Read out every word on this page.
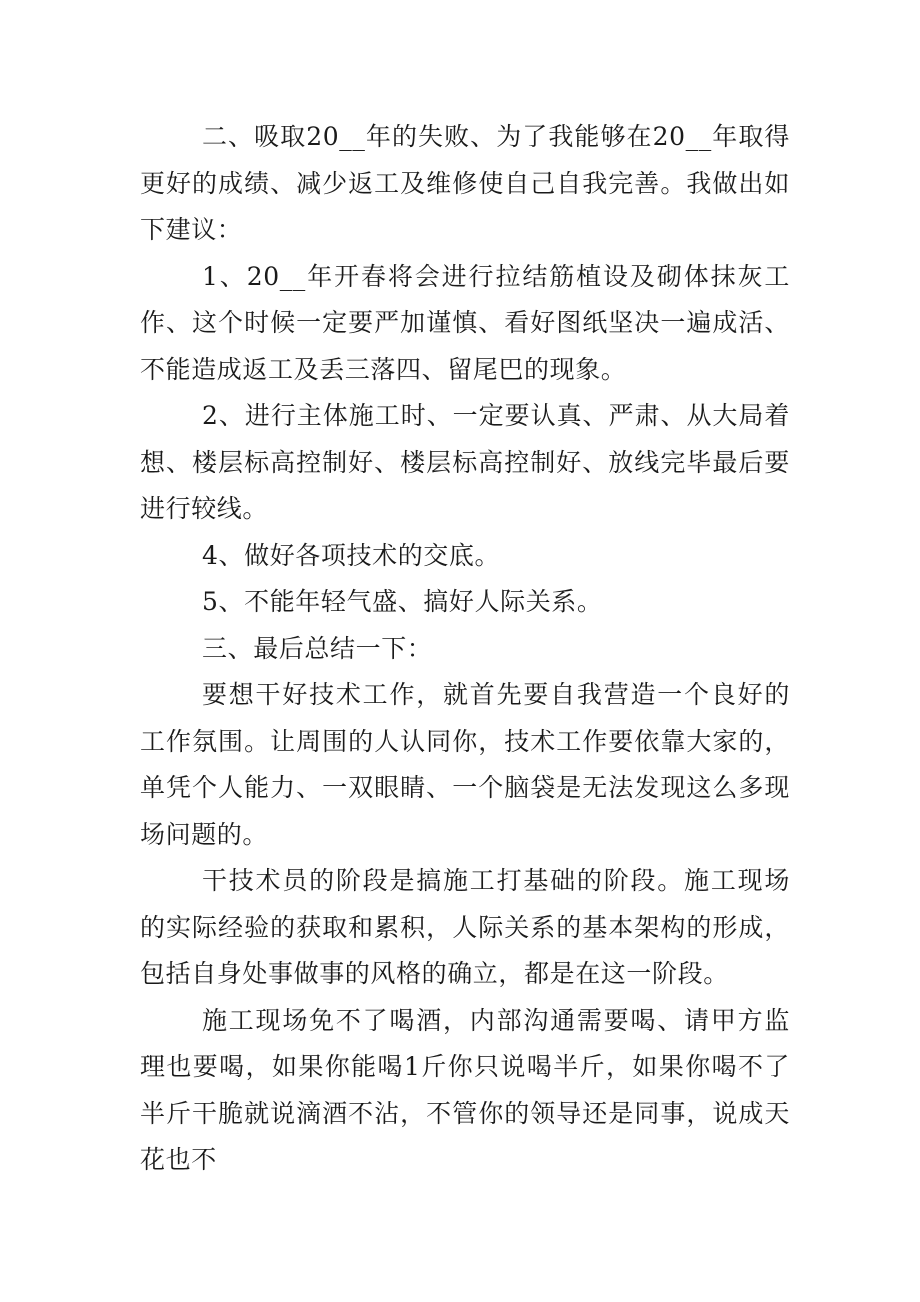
二、吸取20__年的失败、为了我能够在20__年取得更好的成绩、减少返工及维修使自己自我完善。我做出如下建议：

1、20__年开春将会进行拉结筋植设及砌体抹灰工作、这个时候一定要严加谨慎、看好图纸坚决一遍成活、不能造成返工及丢三落四、留尾巴的现象。

2、进行主体施工时、一定要认真、严肃、从大局着想、楼层标高控制好、楼层标高控制好、放线完毕最后要进行较线。

4、做好各项技术的交底。

5、不能年轻气盛、搞好人际关系。

三、最后总结一下：

要想干好技术工作，就首先要自我营造一个良好的工作氛围。让周围的人认同你，技术工作要依靠大家的，单凭个人能力、一双眼睛、一个脑袋是无法发现这么多现场问题的。

干技术员的阶段是搞施工打基础的阶段。施工现场的实际经验的获取和累积，人际关系的基本架构的形成，包括自身处事做事的风格的确立，都是在这一阶段。

施工现场免不了喝酒，内部沟通需要喝、请甲方监理也要喝，如果你能喝1斤你只说喝半斤，如果你喝不了半斤干脆就说滴酒不沾，不管你的领导还是同事，说成天花也不
